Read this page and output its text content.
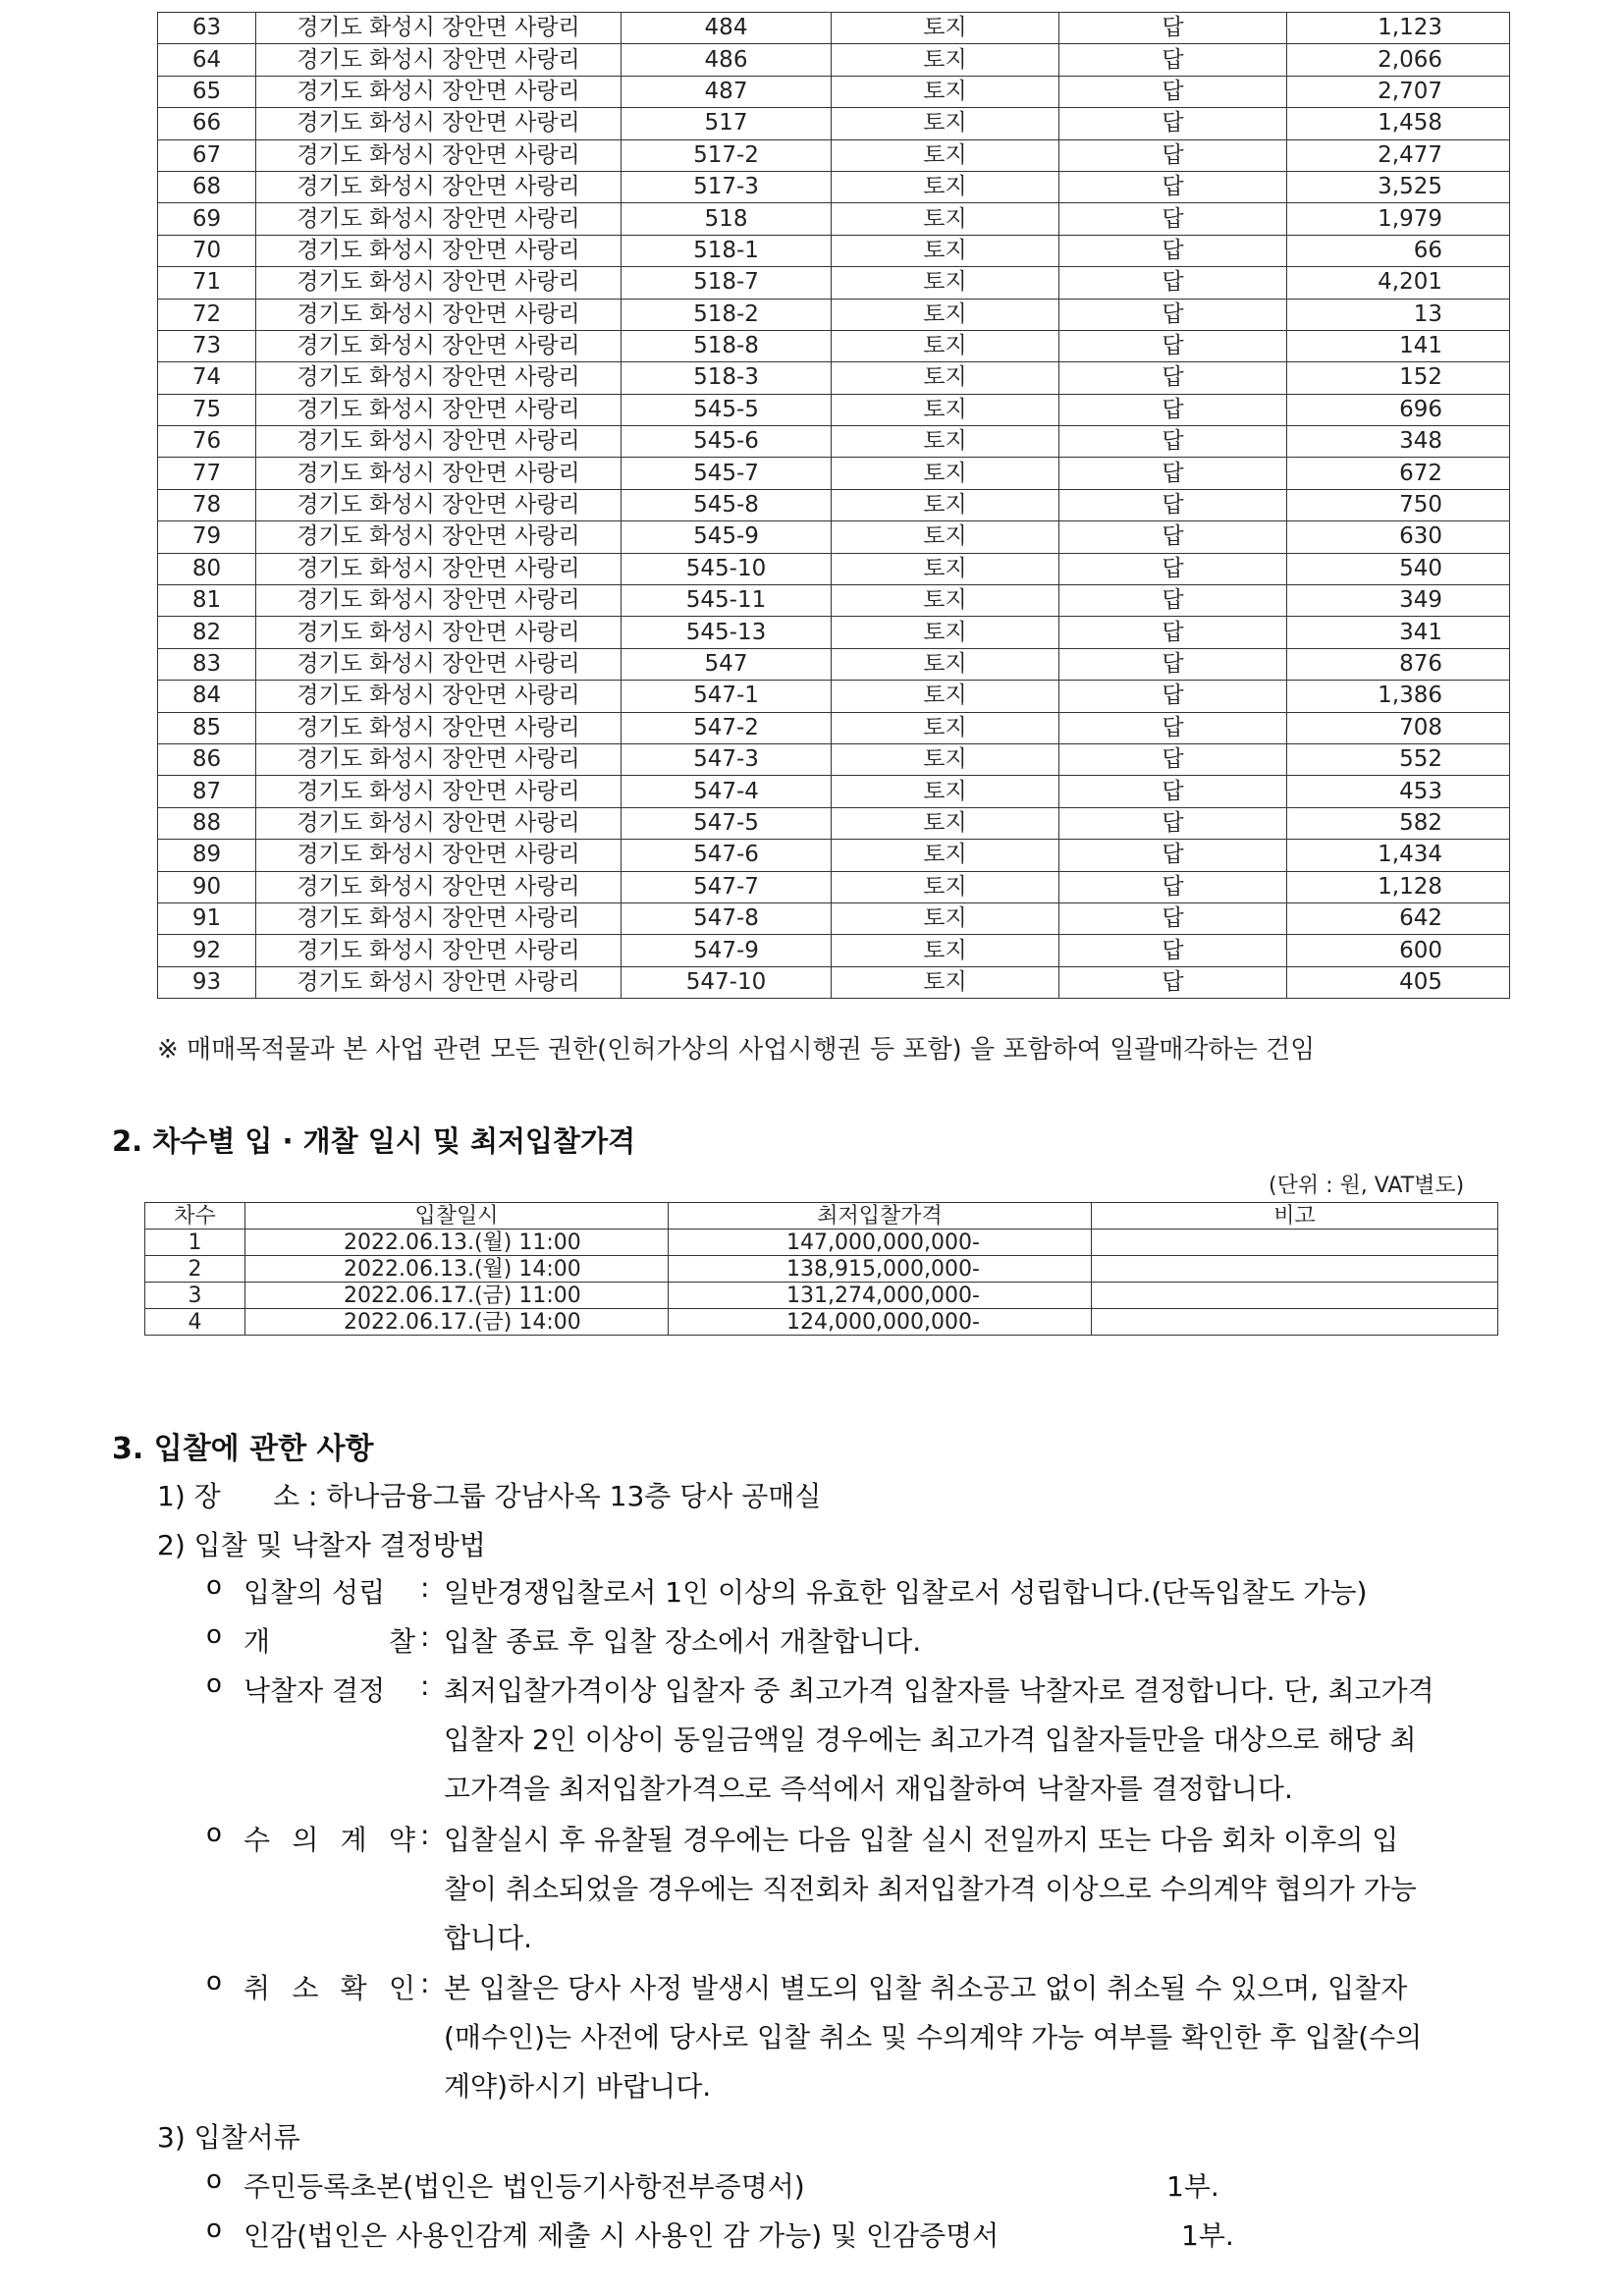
63	경기도 화성시 장안면 사랑리	484	토지	답	1,123
64	경기도 화성시 장안면 사랑리	486	토지	답	2,066
65	경기도 화성시 장안면 사랑리	487	토지	답	2,707
66	경기도 화성시 장안면 사랑리	517	토지	답	1,458
67	경기도 화성시 장안면 사랑리	517-2	토지	답	2,477
68	경기도 화성시 장안면 사랑리	517-3	토지	답	3,525
69	경기도 화성시 장안면 사랑리	518	토지	답	1,979
70	경기도 화성시 장안면 사랑리	518-1	토지	답	66
71	경기도 화성시 장안면 사랑리	518-7	토지	답	4,201
72	경기도 화성시 장안면 사랑리	518-2	토지	답	13
73	경기도 화성시 장안면 사랑리	518-8	토지	답	141
74	경기도 화성시 장안면 사랑리	518-3	토지	답	152
75	경기도 화성시 장안면 사랑리	545-5	토지	답	696
76	경기도 화성시 장안면 사랑리	545-6	토지	답	348
77	경기도 화성시 장안면 사랑리	545-7	토지	답	672
78	경기도 화성시 장안면 사랑리	545-8	토지	답	750
79	경기도 화성시 장안면 사랑리	545-9	토지	답	630
80	경기도 화성시 장안면 사랑리	545-10	토지	답	540
81	경기도 화성시 장안면 사랑리	545-11	토지	답	349
82	경기도 화성시 장안면 사랑리	545-13	토지	답	341
83	경기도 화성시 장안면 사랑리	547	토지	답	876
84	경기도 화성시 장안면 사랑리	547-1	토지	답	1,386
85	경기도 화성시 장안면 사랑리	547-2	토지	답	708
86	경기도 화성시 장안면 사랑리	547-3	토지	답	552
87	경기도 화성시 장안면 사랑리	547-4	토지	답	453
88	경기도 화성시 장안면 사랑리	547-5	토지	답	582
89	경기도 화성시 장안면 사랑리	547-6	토지	답	1,434
90	경기도 화성시 장안면 사랑리	547-7	토지	답	1,128
91	경기도 화성시 장안면 사랑리	547-8	토지	답	642
92	경기도 화성시 장안면 사랑리	547-9	토지	답	600
93	경기도 화성시 장안면 사랑리	547-10	토지	답	405
※ 매매목적물과 본 사업 관련 모든 권한(인허가상의 사업시행권 등 포함) 을 포함하여 일괄매각하는 건임
2. 차수별 입 · 개찰 일시 및 최저입찰가격
(단위 : 원, VAT별도)
차수	입찰일시	최저입찰가격	비고
1	2022.06.13.(월) 11:00	147,000,000,000-	
2	2022.06.13.(월) 14:00	138,915,000,000-	
3	2022.06.17.(금) 11:00	131,274,000,000-	
4	2022.06.17.(금) 14:00	124,000,000,000-	
3. 입찰에 관한 사항
1) 장      소 : 하나금융그룹 강남사옥 13층 당사 공매실
2) 입찰 및 낙찰자 결정방법
o 입찰의 성립 : 일반경쟁입찰로서 1인 이상의 유효한 입찰로서 성립합니다.(단독입찰도 가능)
o 개	찰 : 입찰 종료 후 입찰 장소에서 개찰합니다.
o 낙찰자 결정 : 최저입찰가격이상 입찰자 중 최고가격 입찰자를 낙찰자로 결정합니다. 단, 최고가격
입찰자 2인 이상이 동일금액일 경우에는 최고가격 입찰자들만을 대상으로 해당 최
고가격을 최저입찰가격으로 즉석에서 재입찰하여 낙찰자를 결정합니다.
o 수 의 계 약 : 입찰실시 후 유찰될 경우에는 다음 입찰 실시 전일까지 또는 다음 회차 이후의 입
찰이 취소되었을 경우에는 직전회차 최저입찰가격 이상으로 수의계약 협의가 가능
합니다.
o 취 소 확 인 : 본 입찰은 당사 사정 발생시 별도의 입찰 취소공고 없이 취소될 수 있으며, 입찰자
(매수인)는 사전에 당사로 입찰 취소 및 수의계약 가능 여부를 확인한 후 입찰(수의
계약)하시기 바랍니다.
3) 입찰서류
o 주민등록초본(법인은 법인등기사항전부증명서)	1부.
o 인감(법인은 사용인감계 제출 시 사용인 감 가능) 및 인감증명서	1부.
